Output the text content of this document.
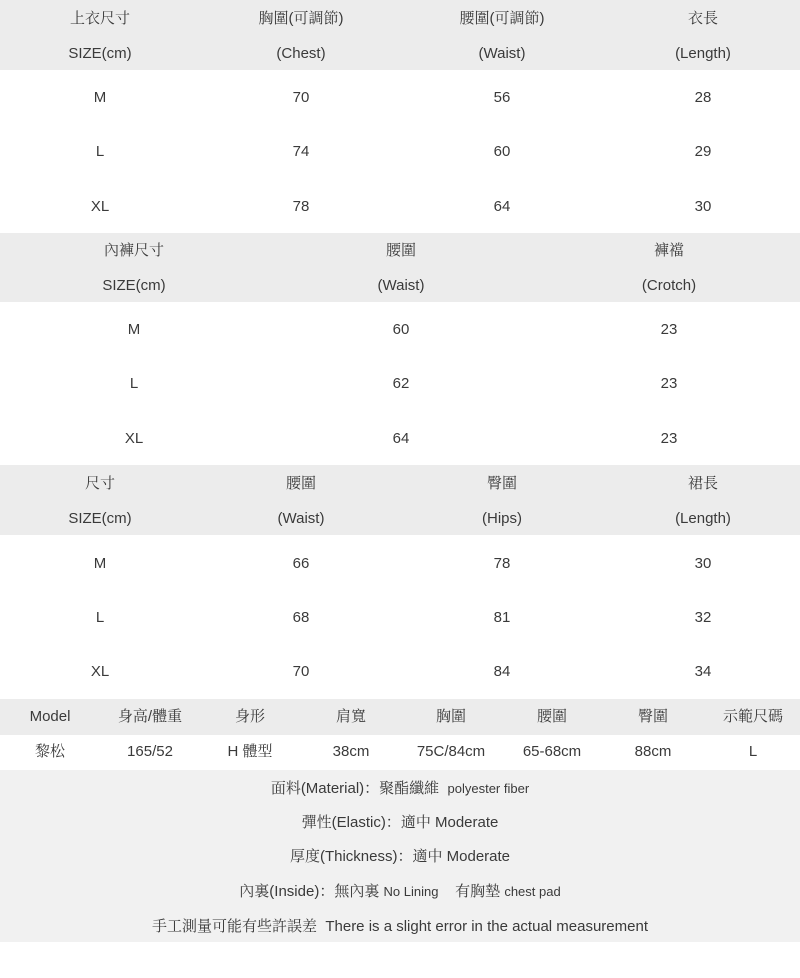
上衣尺寸	胸圍(可調節)	腰圍(可調節)	衣長
SIZE(cm)	(Chest)	(Waist)	(Length)
M	70	56	28
L	74	60	29
XL	78	64	30
內褲尺寸	腰圍	褲襠
SIZE(cm)	(Waist)	(Crotch)
M	60	23
L	62	23
XL	64	23
尺寸	腰圍	臀圍	裙長
SIZE(cm)	(Waist)	(Hips)	(Length)
M	66	78	30
L	68	81	32
XL	70	84	34
Model	身高/體重	身形	肩寬	胸圍	腰圍	臀圍	示範尺碼
黎松	165/52	H 體型	38cm	75C/84cm	65-68cm	88cm	L
面料(Material)：聚酯纖維 polyester fiber
彈性(Elastic)：適中 Moderate
厚度(Thickness)：適中 Moderate
內裏(Inside)：無內裏 No Lining 有胸墊 chest pad
手工測量可能有些許誤差 There is a slight error in the actual measurement
